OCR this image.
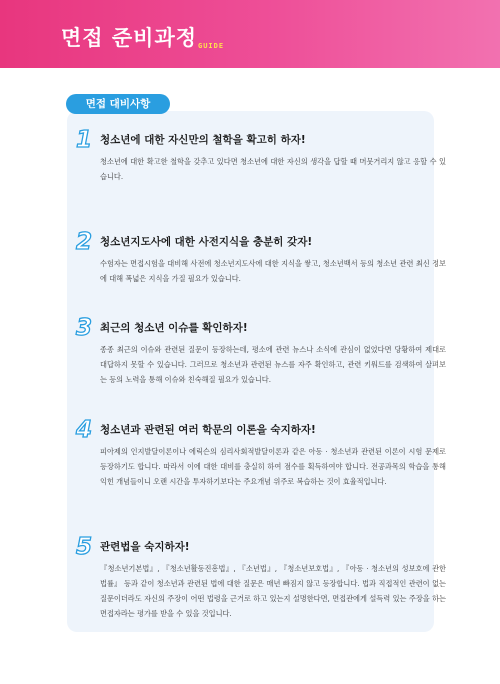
면접 준비과정 GUIDE
면접 대비사항
1 청소년에 대한 자신만의 철학을 확고히 하자!
청소년에 대한 확고한 철학을 갖추고 있다면 청소년에 대한 자신의 생각을 답할 때 머뭇거리지 않고 응할 수 있습니다.
2 청소년지도사에 대한 사전지식을 충분히 갖자!
수험자는 면접시험을 대비해 사전에 청소년지도사에 대한 지식을 쌓고, 청소년백서 등의 청소년 관련 최신 정보에 대해 폭넓은 지식을 가질 필요가 있습니다.
3 최근의 청소년 이슈를 확인하자!
종종 최근의 이슈와 관련된 질문이 등장하는데, 평소에 관련 뉴스나 소식에 관심이 없었다면 당황하여 제대로 대답하지 못할 수 있습니다. 그러므로 청소년과 관련된 뉴스를 자주 확인하고, 관련 키워드를 검색하여 살펴보는 등의 노력을 통해 이슈와 친숙해질 필요가 있습니다.
4 청소년과 관련된 여러 학문의 이론을 숙지하자!
피아제의 인지발달이론이나 에릭슨의 심리사회적발달이론과 같은 아동 · 청소년과 관련된 이론이 시험 문제로 등장하기도 합니다. 따라서 이에 대한 대비를 충실히 하여 점수를 획득하여야 합니다. 전공과목의 학습을 통해 익힌 개념들이니 오랜 시간을 투자하기보다는 주요개념 위주로 복습하는 것이 효율적입니다.
5 관련법을 숙지하자!
『청소년기본법』, 『청소년활동진흥법』, 『소년법』, 『청소년보호법』, 『아동 · 청소년의 성보호에 관한 법률』 등과 같이 청소년과 관련된 법에 대한 질문은 매년 빠짐지 않고 등장합니다. 법과 직접적인 관련이 없는 질문이더라도 자신의 주장이 어떤 법령을 근거로 하고 있는지 설명한다면, 면접관에게 설득력 있는 주장을 하는 면접자라는 평가를 받을 수 있을 것입니다.
